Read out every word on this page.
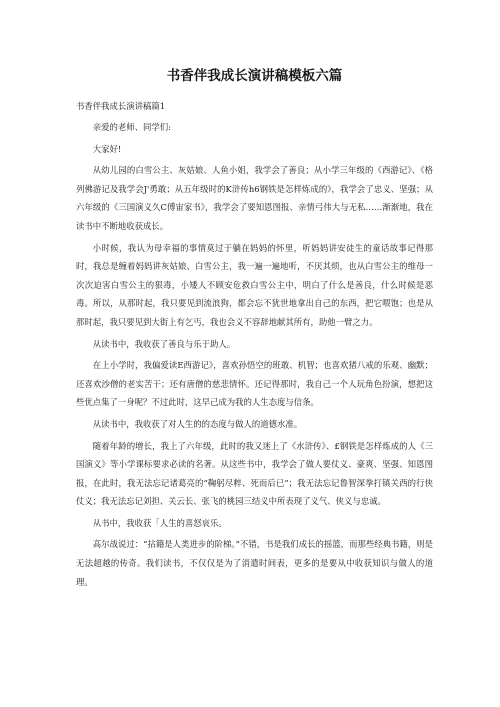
书香伴我成长演讲稿模板六篇
书香伴我成长演讲稿篇1

亲爱的老师、同学们:

大家好!

从幼儿园的白雪公主、灰姑娘、人鱼小姐，我学会了善良；从小学三年级的《西游记》、《格列佛游记及我学会J'勇敢；从五年级时的K浒传h6钢铁是怎样炼成的》，我学会了忠义、坚强；从六年级的《三国演义久C傅宙家书》，我学会了要知恩图报、亲情弓伟大与无私……渐渐地，我在读书中不断地收获成长。

小时候，我认为母幸福的事情莫过于躺在妈妈的怀里，听妈妈讲安徒生的童话故事记得那时，我总是缠着妈妈讲灰姑娘、白雪公主，我一遍一遍地听，不厌其烦，也从白雪公主的维母一次次迫害白雪公主的狠毒，小矮人不顾安危救白雪公主中，明白了什么是善良，什么时候是恶毒。所以，从那时起，我只要见到流浪狗，都会忘不犹世地拿出自己的东西，把它喂饱；也是从那时起，我只要见到大街上有乞丐，我也会义不容辞地献其所有，助他一臂之力。

从读书中，我收获了善良与乐于助人。

在上小学时，我偏爱读E西游记》，喜欢孙悟空的班敢、机智；也喜欢猪八戒的乐观、幽默；还喜欢沙僧的老实苦干；还有唐僧的慈悲情怀。还记得那时，我自己一个人玩角色扮演，想把这些优点集了一身呢？不过此时，这早己成为我的人生态度与信条。

从读书中，我收获了对人生的的态度与做人的道德水准。

随着年龄的增长，我上了六年级，此时的我又迷上了《水浒传》、£钢铁是怎样炼成的人《三国演义》等小学课标要求必读的名著。从这些书中，我学会了做人要仗义、豪爽、坚强、知恩图报，在此时，我无法忘记诸葛亮的“鞠躬尽粹、死而后已”；我无法忘记鲁智深拳打镇关西的行侠仗义；我无法忘记刘担、关云长、张飞的桃园三结义中所表现了义气、侠义与忠诚。

从书中，我收获「人生的喜怒哀乐。

高尔战说过：“拈籍是人类进步的阶梯。”不错，书是我们成长的摇篮，而那些经典书籍，则是无法超越的传奇。我们读书，不仅仅是为了消遣时间表，更多的是要从中收获知识与做人的道理。
